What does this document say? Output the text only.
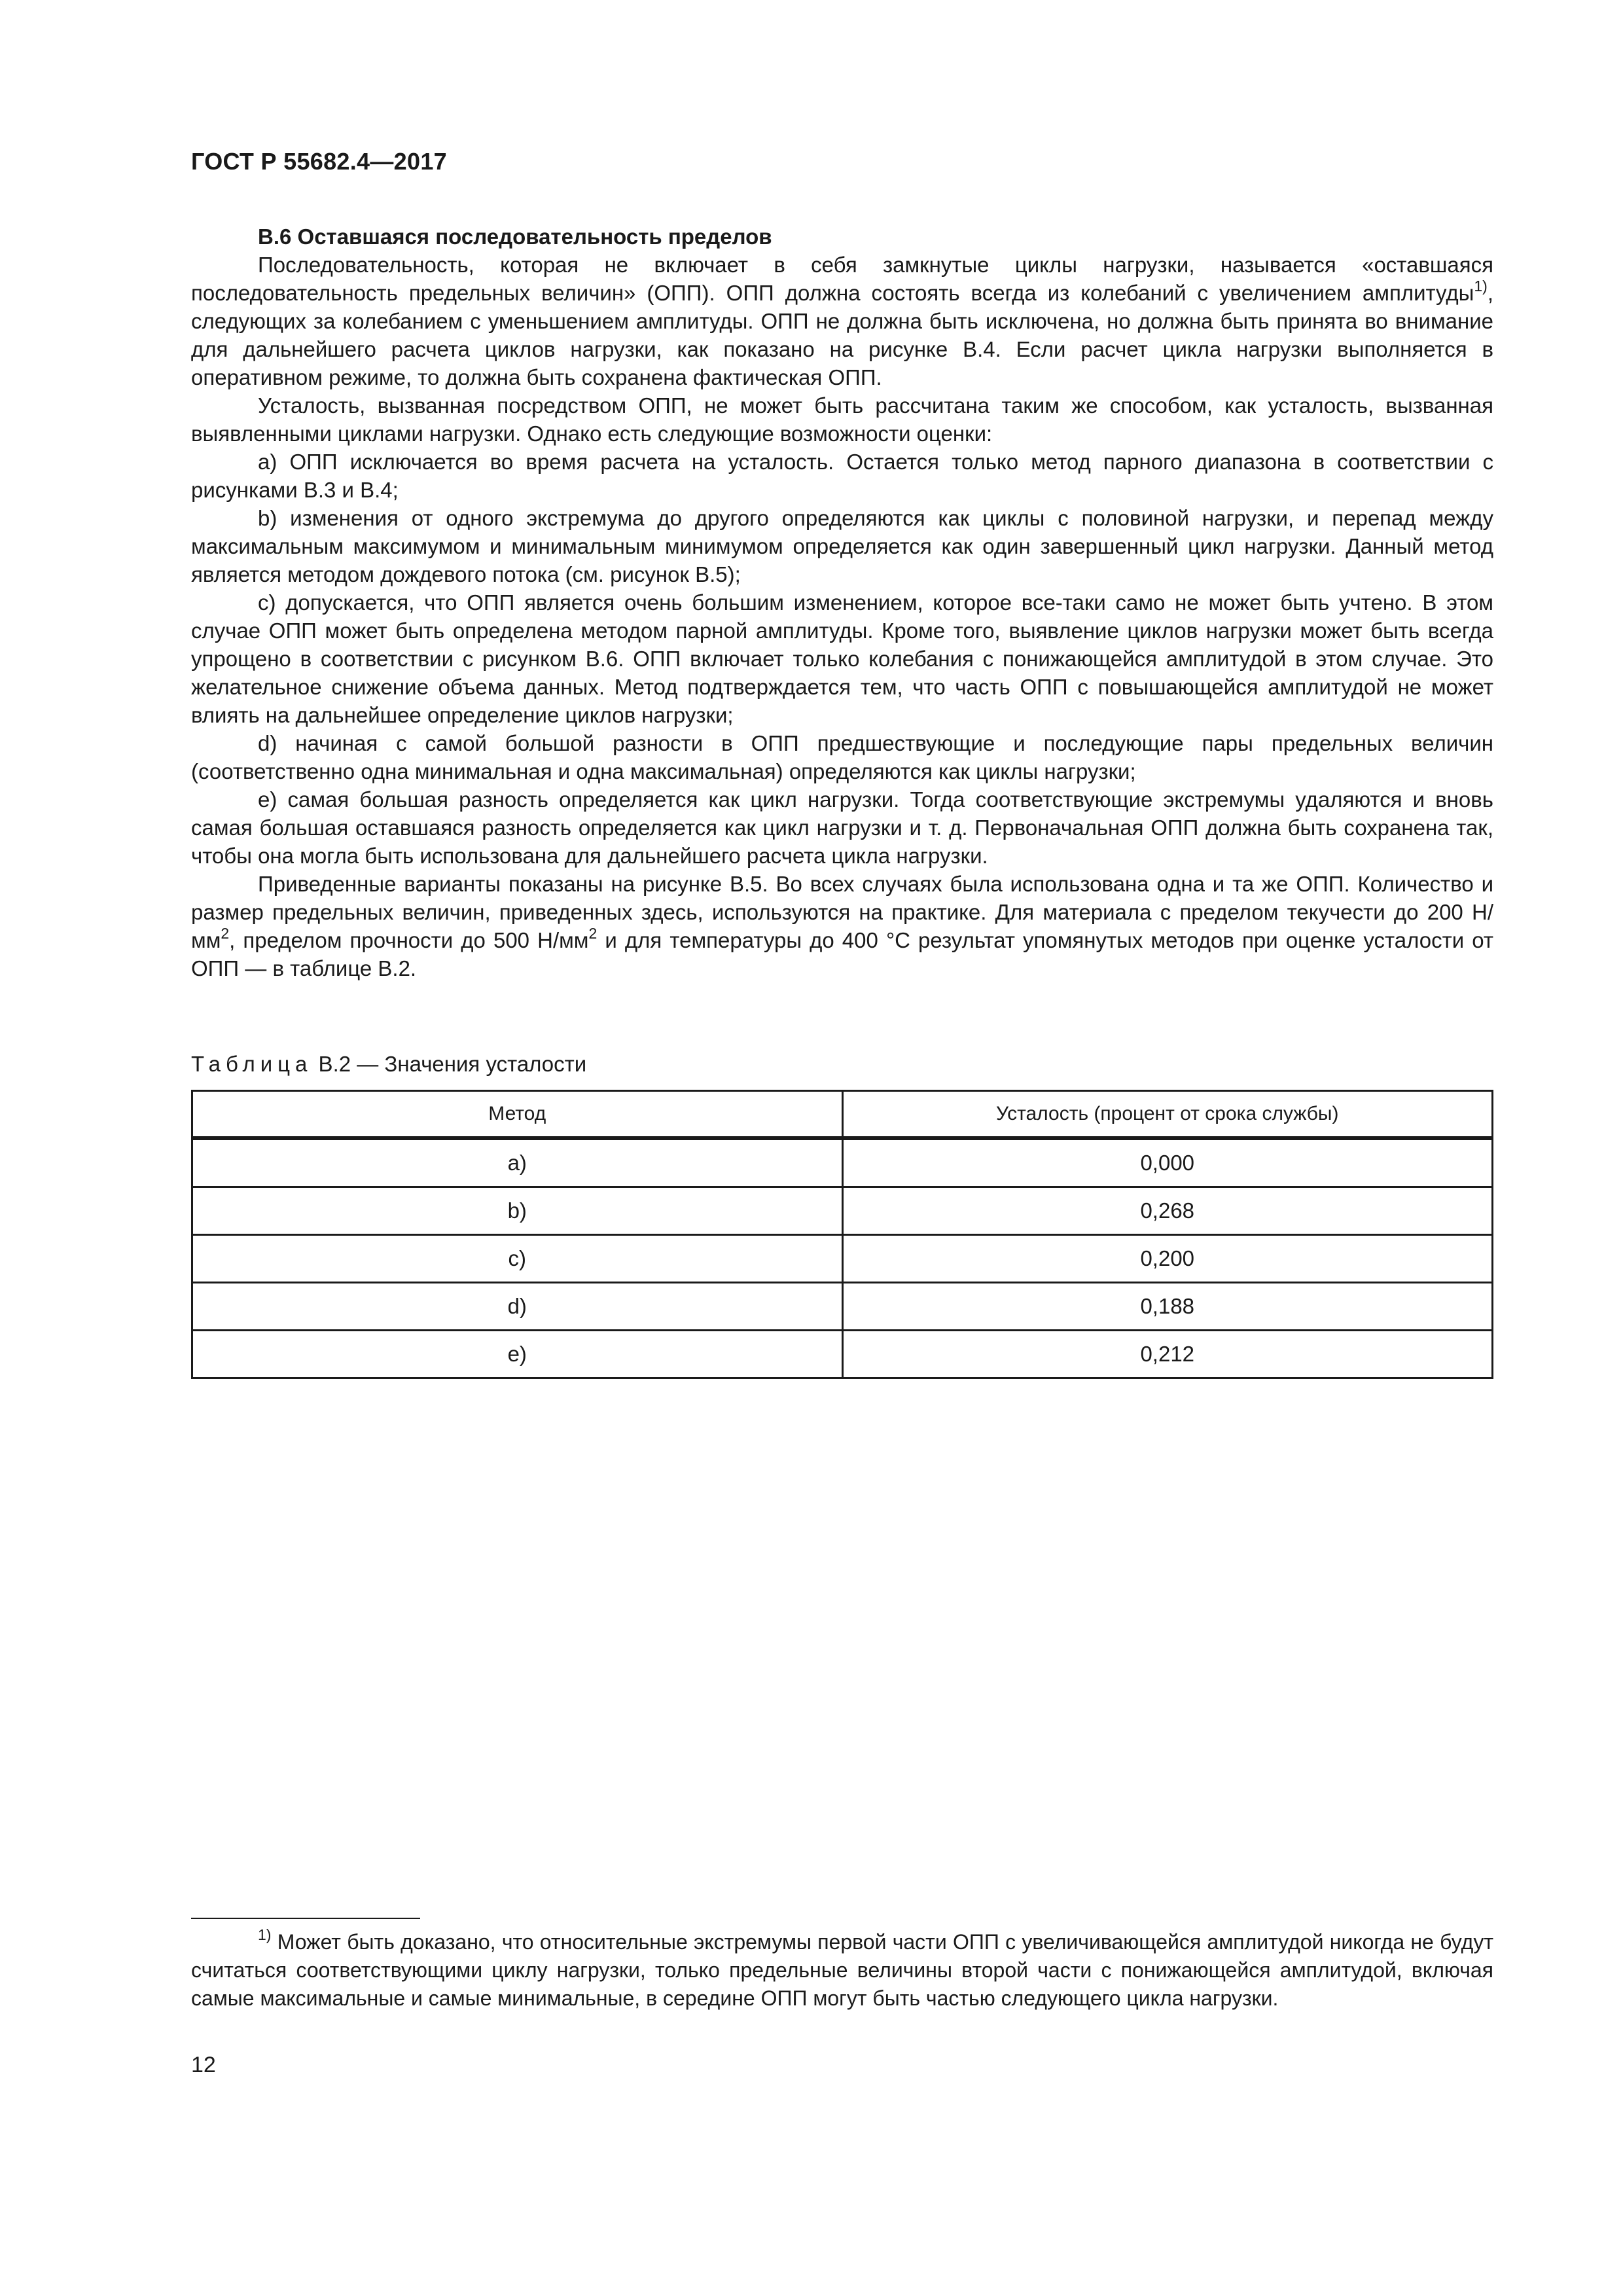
ГОСТ Р 55682.4—2017

В.6 Оставшаяся последовательность пределов

Последовательность, которая не включает в себя замкнутые циклы нагрузки, называется «оставшаяся последовательность предельных величин» (ОПП). ОПП должна состоять всегда из колебаний с увеличением амплитуды$^{1)}$, следующих за колебанием с уменьшением амплитуды. ОПП не должна быть исключена, но должна быть принята во внимание для дальнейшего расчета циклов нагрузки, как показано на рисунке В.4. Если расчет цикла нагрузки выполняется в оперативном режиме, то должна быть сохранена фактическая ОПП.

Усталость, вызванная посредством ОПП, не может быть рассчитана таким же способом, как усталость, вызванная выявленными циклами нагрузки. Однако есть следующие возможности оценки:

a) ОПП исключается во время расчета на усталость. Остается только метод парного диапазона в соответствии с рисунками В.3 и В.4;

b) изменения от одного экстремума до другого определяются как циклы с половиной нагрузки, и перепад между максимальным максимумом и минимальным минимумом определяется как один завершенный цикл нагрузки. Данный метод является методом дождевого потока (см. рисунок В.5);

c) допускается, что ОПП является очень большим изменением, которое все-таки само не может быть учтено. В этом случае ОПП может быть определена методом парной амплитуды. Кроме того, выявление циклов нагрузки может быть всегда упрощено в соответствии с рисунком В.6. ОПП включает только колебания с понижающейся амплитудой в этом случае. Это желательное снижение объема данных. Метод подтверждается тем, что часть ОПП с повышающейся амплитудой не может влиять на дальнейшее определение циклов нагрузки;

d) начиная с самой большой разности в ОПП предшествующие и последующие пары предельных величин (соответственно одна минимальная и одна максимальная) определяются как циклы нагрузки;

e) самая большая разность определяется как цикл нагрузки. Тогда соответствующие экстремумы удаляются и вновь самая большая оставшаяся разность определяется как цикл нагрузки и т. д. Первоначальная ОПП должна быть сохранена так, чтобы она могла быть использована для дальнейшего расчета цикла нагрузки.

Приведенные варианты показаны на рисунке В.5. Во всех случаях была использована одна и та же ОПП. Количество и размер предельных величин, приведенных здесь, используются на практике. Для материала с пределом текучести до 200 $Н/мм^2$, пределом прочности до 500 $Н/мм^2$ и для температуры до 400 °С результат упомянутых методов при оценке усталости от ОПП — в таблице В.2.

Таблица В.2 — Значения усталости
Метод	Усталость (процент от срока службы)
a)	0,000
b)	0,268
c)	0,200
d)	0,188
e)	0,212

$^{1)}$ Может быть доказано, что относительные экстремумы первой части ОПП с увеличивающейся амплитудой никогда не будут считаться соответствующими циклу нагрузки, только предельные величины второй части с понижающейся амплитудой, включая самые максимальные и самые минимальные, в середине ОПП могут быть частью следующего цикла нагрузки.

12
